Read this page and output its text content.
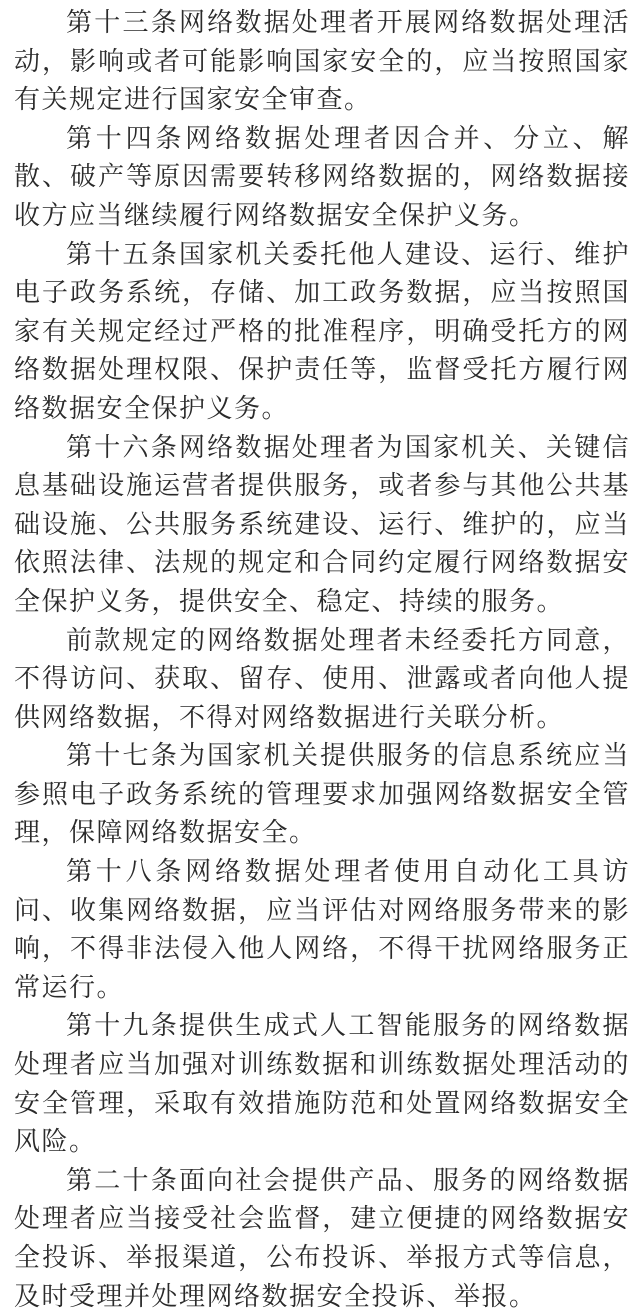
第十三条网络数据处理者开展网络数据处理活动，影响或者可能影响国家安全的，应当按照国家有关规定进行国家安全审查。

第十四条网络数据处理者因合并、分立、解散、破产等原因需要转移网络数据的，网络数据接收方应当继续履行网络数据安全保护义务。

第十五条国家机关委托他人建设、运行、维护电子政务系统，存储、加工政务数据，应当按照国家有关规定经过严格的批准程序，明确受托方的网络数据处理权限、保护责任等，监督受托方履行网络数据安全保护义务。

第十六条网络数据处理者为国家机关、关键信息基础设施运营者提供服务，或者参与其他公共基础设施、公共服务系统建设、运行、维护的，应当依照法律、法规的规定和合同约定履行网络数据安全保护义务，提供安全、稳定、持续的服务。

前款规定的网络数据处理者未经委托方同意，不得访问、获取、留存、使用、泄露或者向他人提供网络数据，不得对网络数据进行关联分析。

第十七条为国家机关提供服务的信息系统应当参照电子政务系统的管理要求加强网络数据安全管理，保障网络数据安全。

第十八条网络数据处理者使用自动化工具访问、收集网络数据，应当评估对网络服务带来的影响，不得非法侵入他人网络，不得干扰网络服务正常运行。

第十九条提供生成式人工智能服务的网络数据处理者应当加强对训练数据和训练数据处理活动的安全管理，采取有效措施防范和处置网络数据安全风险。

第二十条面向社会提供产品、服务的网络数据处理者应当接受社会监督，建立便捷的网络数据安全投诉、举报渠道，公布投诉、举报方式等信息，及时受理并处理网络数据安全投诉、举报。
